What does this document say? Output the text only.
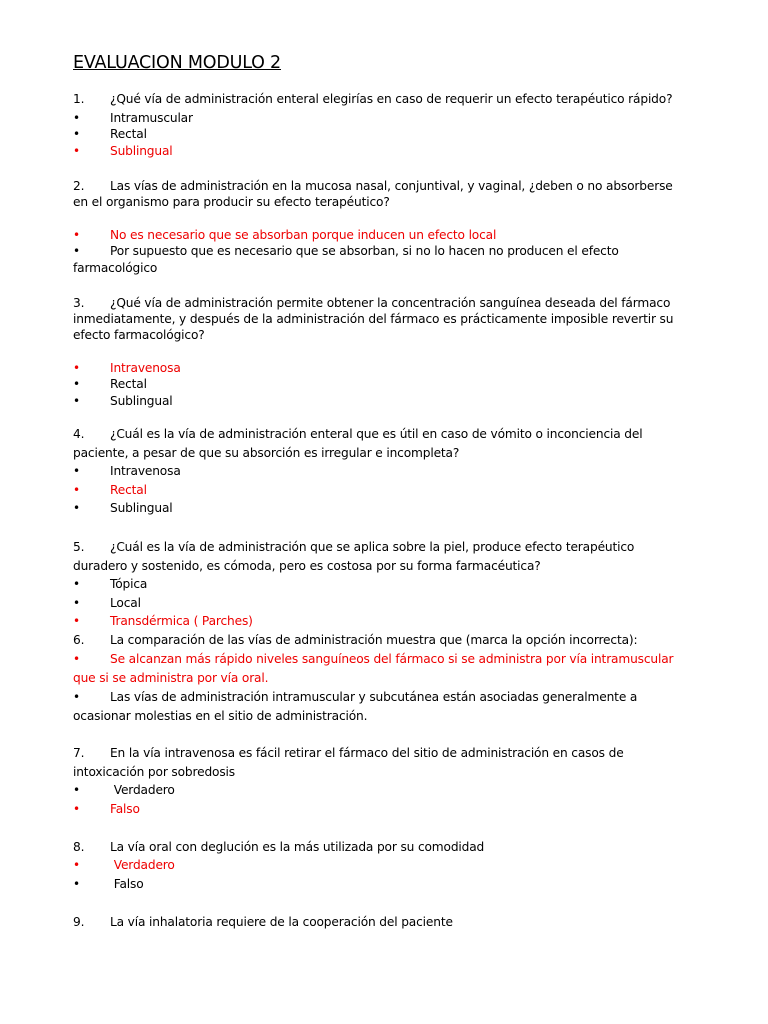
EVALUACION MODULO 2
1. ¿Qué vía de administración enteral elegirías en caso de requerir un efecto terapéutico rápido?
• Intramuscular
• Rectal
• Sublingual
2. Las vías de administración en la mucosa nasal, conjuntival, y vaginal, ¿deben o no absorberse
en el organismo para producir su efecto terapéutico?
• No es necesario que se absorban porque inducen un efecto local
• Por supuesto que es necesario que se absorban, si no lo hacen no producen el efecto
farmacológico
3. ¿Qué vía de administración permite obtener la concentración sanguínea deseada del fármaco
inmediatamente, y después de la administración del fármaco es prácticamente imposible revertir su
efecto farmacológico?
• Intravenosa
• Rectal
• Sublingual
4. ¿Cuál es la vía de administración enteral que es útil en caso de vómito o inconciencia del
paciente, a pesar de que su absorción es irregular e incompleta?
• Intravenosa
• Rectal
• Sublingual
5. ¿Cuál es la vía de administración que se aplica sobre la piel, produce efecto terapéutico
duradero y sostenido, es cómoda, pero es costosa por su forma farmacéutica?
• Tópica
• Local
• Transdérmica ( Parches)
6. La comparación de las vías de administración muestra que (marca la opción incorrecta):
• Se alcanzan más rápido niveles sanguíneos del fármaco si se administra por vía intramuscular
que si se administra por vía oral.
• Las vías de administración intramuscular y subcutánea están asociadas generalmente a
ocasionar molestias en el sitio de administración.
7. En la vía intravenosa es fácil retirar el fármaco del sitio de administración en casos de
intoxicación por sobredosis
• Verdadero
• Falso
8. La vía oral con deglución es la más utilizada por su comodidad
• Verdadero
• Falso
9. La vía inhalatoria requiere de la cooperación del paciente
